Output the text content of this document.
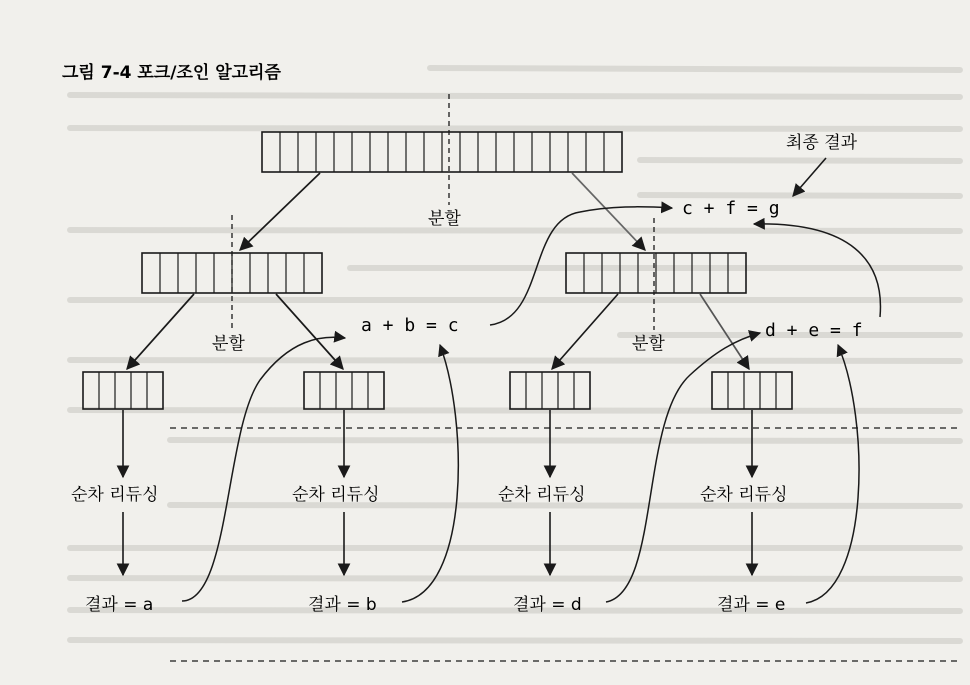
그림 7-4 포크/조인 알고리즘
분할
분할	분할
순차 리듀싱	순차 리듀싱	순차 리듀싱	순차 리듀싱
결과 = a	결과 = b	결과 = d	결과 = e
a + b = c	d + e = f
c + f = g
최종 결과
